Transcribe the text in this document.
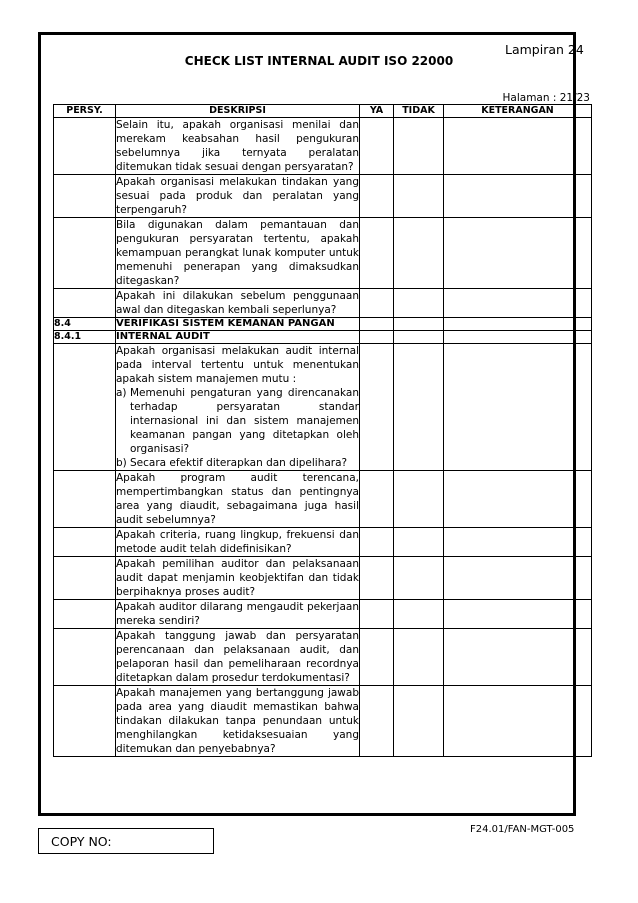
Lampiran 24
CHECK LIST INTERNAL AUDIT ISO 22000
Halaman : 21/23
PERSY.	DESKRIPSI	YA	TIDAK	KETERANGAN

	Selain itu, apakah organisasi menilai dan merekam keabsahan hasil pengukuran sebelumnya jika ternyata peralatan ditemukan tidak sesuai dengan persyaratan?			

	Apakah organisasi melakukan tindakan yang sesuai pada produk dan peralatan yang terpengaruh?			

	Bila digunakan dalam pemantauan dan pengukuran persyaratan tertentu, apakah kemampuan perangkat lunak komputer untuk memenuhi penerapan yang dimaksudkan ditegaskan?			

	Apakah ini dilakukan sebelum penggunaan awal dan ditegaskan kembali seperlunya?			

8.4	VERIFIKASI SISTEM KEMANAN PANGAN			
8.4.1	INTERNAL AUDIT			

	Apakah organisasi melakukan audit internal pada interval tertentu untuk menentukan apakah sistem manajemen mutu :
a) Memenuhi pengaturan yang direncanakan terhadap persyaratan standar internasional ini dan sistem manajemen keamanan pangan yang ditetapkan oleh organisasi?
b) Secara efektif diterapkan dan dipelihara?			

	Apakah program audit terencana, mempertimbangkan status dan pentingnya area yang diaudit, sebagaimana juga hasil audit sebelumnya?			

	Apakah criteria, ruang lingkup, frekuensi dan metode audit telah didefinisikan?			

	Apakah pemilihan auditor dan pelaksanaan audit dapat menjamin keobjektifan dan tidak berpihaknya proses audit?			

	Apakah auditor dilarang mengaudit pekerjaan mereka sendiri?			

	Apakah tanggung jawab dan persyaratan perencanaan dan pelaksanaan audit, dan pelaporan hasil dan pemeliharaan recordnya ditetapkan dalam prosedur terdokumentasi?			

	Apakah manajemen yang bertanggung jawab pada area yang diaudit memastikan bahwa tindakan dilakukan tanpa penundaan untuk menghilangkan ketidaksesuaian yang ditemukan dan penyebabnya?			

F24.01/FAN-MGT-005
COPY NO:
